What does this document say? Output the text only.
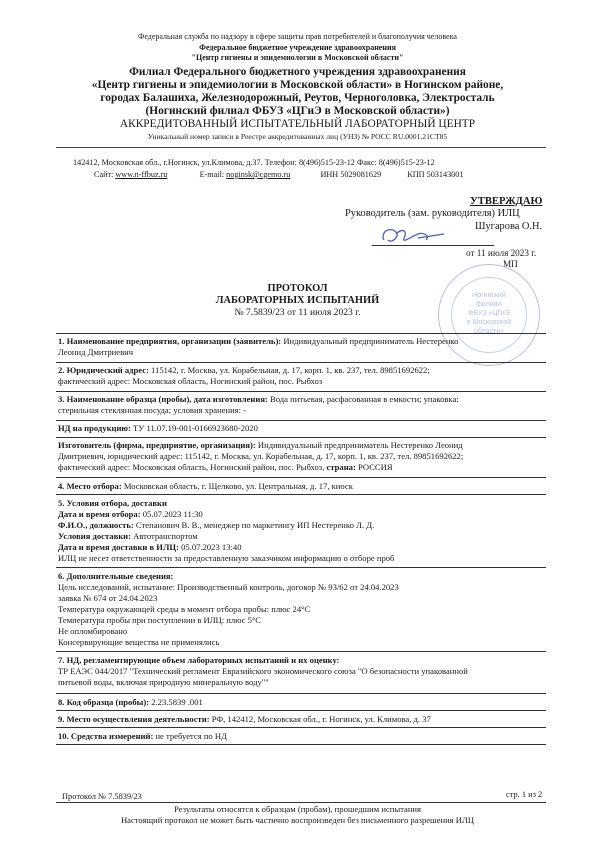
Федеральная служба по надзору в сфере защиты прав потребителей и благополучия человека
Федеральное бюджетное учреждение здравоохранения
"Центр гигиены и эпидемиологии в Московской области"
Филиал Федерального бюджетного учреждения здравоохранения
«Центр гигиены и эпидемиологии в Московской области» в Ногинском районе,
городах Балашиха, Железнодорожный, Реутов, Черноголовка, Электросталь
(Ногинский филиал ФБУЗ «ЦГиЭ в Московской области»)
АККРЕДИТОВАННЫЙ ИСПЫТАТЕЛЬНЫЙ ЛАБОРАТОРНЫЙ ЦЕНТР
Уникальный номер записи в Реестре аккредитованных лиц (УНЗ) № РОСС RU.0001.21СТ85
142412, Московская обл., г.Ногинск, ул.Климова, д.37. Телефон: 8(496)515-23-12 Факс: 8(496)515-23-12
Сайт: www.n-ffbuz.ru	E-mail: noginsk@cgemo.ru	ИНН 5029081629	КПП 503143001
УТВЕРЖДАЮ
Руководитель (зам. руководителя) ИЛЦ
Шугарова О.Н.
от 11 июля 2023 г.
МП
Ногинский
филиал
ФБУЗ «ЦГиЭ
в Московской
области»
ПРОТОКОЛ
ЛАБОРАТОРНЫХ ИСПЫТАНИЙ
№ 7.5839/23 от 11 июля 2023 г.

1. Наименование предприятия, организации (заявитель): Индивидуальный предприниматель Нестеренко

Леонид Дмитриевич

2. Юридический адрес: 115142, г. Москва, ул. Корабельная, д. 17, корп. 1, кв. 237, тел. 89851692622;

фактический адрес: Московская область, Ногинский район, пос. Рыбхоз

3. Наименование образца (пробы), дата изготовления: Вода питьевая, расфасованная в емкости; упаковка:

стерильная стеклянная посуда; условия хранения: -

НД на продукцию: ТУ 11.07.19-001-0166923680-2020

Изготовитель (фирма, предприятие, организация): Индивидуальный предприниматель Нестеренко Леонид

Дмитриевич, юридический адрес: 115142, г. Москва, ул. Корабельная, д. 17, корп. 1, кв. 237, тел. 89851692622;

фактический адрес: Московская область, Ногинский район, пос. Рыбхоз, страна: РОССИЯ

4. Место отбора: Московская область, г. Щелково, ул. Центральная, д. 17, киоск

5. Условия отбора, доставки

Дата и время отбора: 05.07.2023 11:30

Ф.И.О., должность: Степанович В. В., менеджер по маркетингу ИП Нестеренко Л. Д.

Условия доставки: Автотранспортом

Дата и время доставки в ИЛЦ: 05.07.2023 13:40

ИЛЦ не несет ответственности за предоставленную заказчиком информацию о отборе проб

6. Дополнительные сведения:

Цель исследований, испытание: Производственный контроль, договор № 93/62 от 24.04.2023

заявка № 674 от 24.04.2023

Температура окружающей среды в момент отбора пробы: плюс 24°С

Температура пробы при поступлении в ИЛЦ: плюс 5°С

Не опломбировано

Консервирующие вещества не применялись

7. НД, регламентирующие объем лабораторных испытаний и их оценку:

ТР ЕАЭС 044/2017 "Технический регламент Евразийского экономического союза "О безопасности упакованной

питьевой воды, включая природную минеральную воду""

8. Код образца (пробы): 2.23.5839 .001

9. Место осуществления деятельности: РФ, 142412, Московская обл., г. Ногинск, ул. Климова, д. 37

10. Средства измерений: не требуется по НД

Протокол № 7.5839/23	стр. 1 из 2
Результаты относятся к образцам (пробам), прошедшим испытания
Настоящий протокол не может быть частично воспроизведен без письменного разрешения ИЛЦ
